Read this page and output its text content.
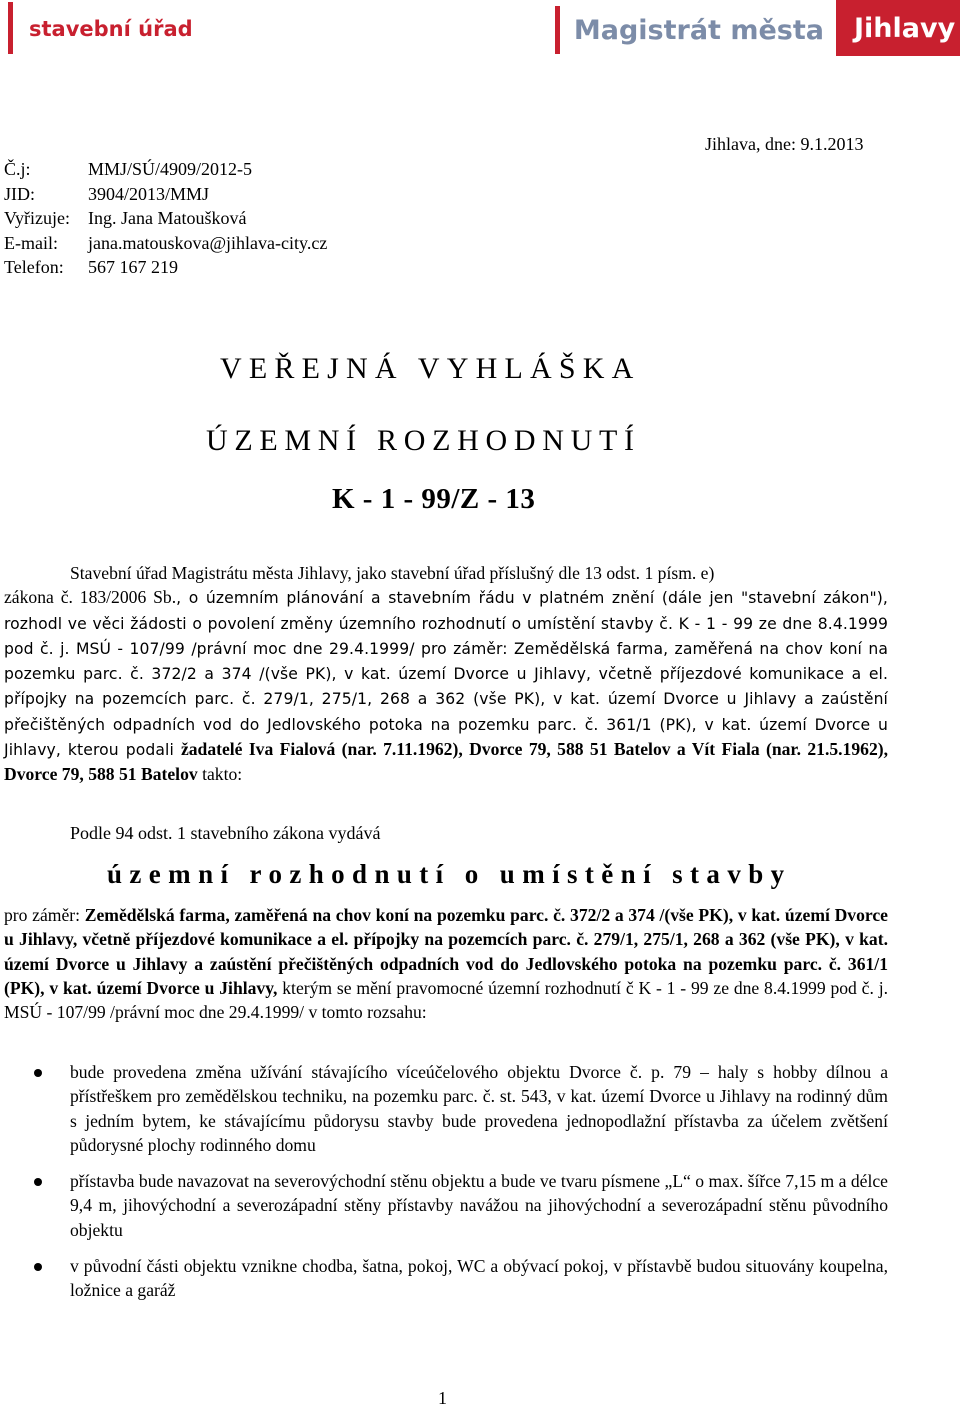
stavební úřad	Magistrát města	Jihlavy
Jihlava, dne: 9.1.2013
Č.j:	MMJ/SÚ/4909/2012-5
JID:	3904/2013/MMJ
Vyřizuje:	Ing. Jana Matoušková
E-mail:	jana.matouskova@jihlava-city.cz
Telefon:	567 167 219
VEŘEJNÁ VYHLÁŠKA
ÚZEMNÍ ROZHODNUTÍ
K - 1 - 99/Z - 13
Stavební úřad Magistrátu města Jihlavy, jako stavební úřad příslušný dle 13 odst. 1 písm. e)
zákona č. 183/2006 Sb., o územním plánování a stavebním řádu v platném znění (dále jen "stavební zákon"), rozhodl ve věci žádosti o povolení změny územního rozhodnutí o umístění stavby č. K - 1 - 99 ze dne 8.4.1999 pod č. j. MSÚ - 107/99 /právní moc dne 29.4.1999/ pro záměr: Zemědělská farma, zaměřená na chov koní na pozemku parc. č. 372/2 a 374 /(vše PK), v kat. území Dvorce u Jihlavy, včetně příjezdové komunikace a el. přípojky na pozemcích parc. č. 279/1, 275/1, 268 a 362 (vše PK), v kat. území Dvorce u Jihlavy a zaústění přečištěných odpadních vod do Jedlovského potoka na pozemku parc. č. 361/1 (PK), v kat. území Dvorce u Jihlavy, kterou podali žadatelé Iva Fialová (nar. 7.11.1962), Dvorce 79, 588 51 Batelov a Vít Fiala (nar. 21.5.1962), Dvorce 79, 588 51 Batelov takto:
Podle 94 odst. 1 stavebního zákona vydává
územní rozhodnutí o umístění stavby
pro záměr: Zemědělská farma, zaměřená na chov koní na pozemku parc. č. 372/2 a 374 /(vše PK), v kat. území Dvorce u Jihlavy, včetně příjezdové komunikace a el. přípojky na pozemcích parc. č. 279/1, 275/1, 268 a 362 (vše PK), v kat. území Dvorce u Jihlavy a zaústění přečištěných odpadních vod do Jedlovského potoka na pozemku parc. č. 361/1 (PK), v kat. území Dvorce u Jihlavy, kterým se mění pravomocné územní rozhodnutí č K - 1 - 99 ze dne 8.4.1999 pod č. j. MSÚ - 107/99 /právní moc dne 29.4.1999/ v tomto rozsahu:
bude provedena změna užívání stávajícího víceúčelového objektu Dvorce č. p. 79 – haly s hobby dílnou a přístřeškem pro zemědělskou techniku, na pozemku parc. č. st. 543, v kat. území Dvorce u Jihlavy na rodinný dům s jedním bytem, ke stávajícímu půdorysu stavby bude provedena jednopodlažní přístavba za účelem zvětšení půdorysné plochy rodinného domu
přístavba bude navazovat na severovýchodní stěnu objektu a bude ve tvaru písmene „L“ o max. šířce 7,15 m a délce 9,4 m, jihovýchodní a severozápadní stěny přístavby navážou na jihovýchodní a severozápadní stěnu původního objektu
v původní části objektu vznikne chodba, šatna, pokoj, WC a obývací pokoj, v přístavbě budou situovány koupelna, ložnice a garáž
1
